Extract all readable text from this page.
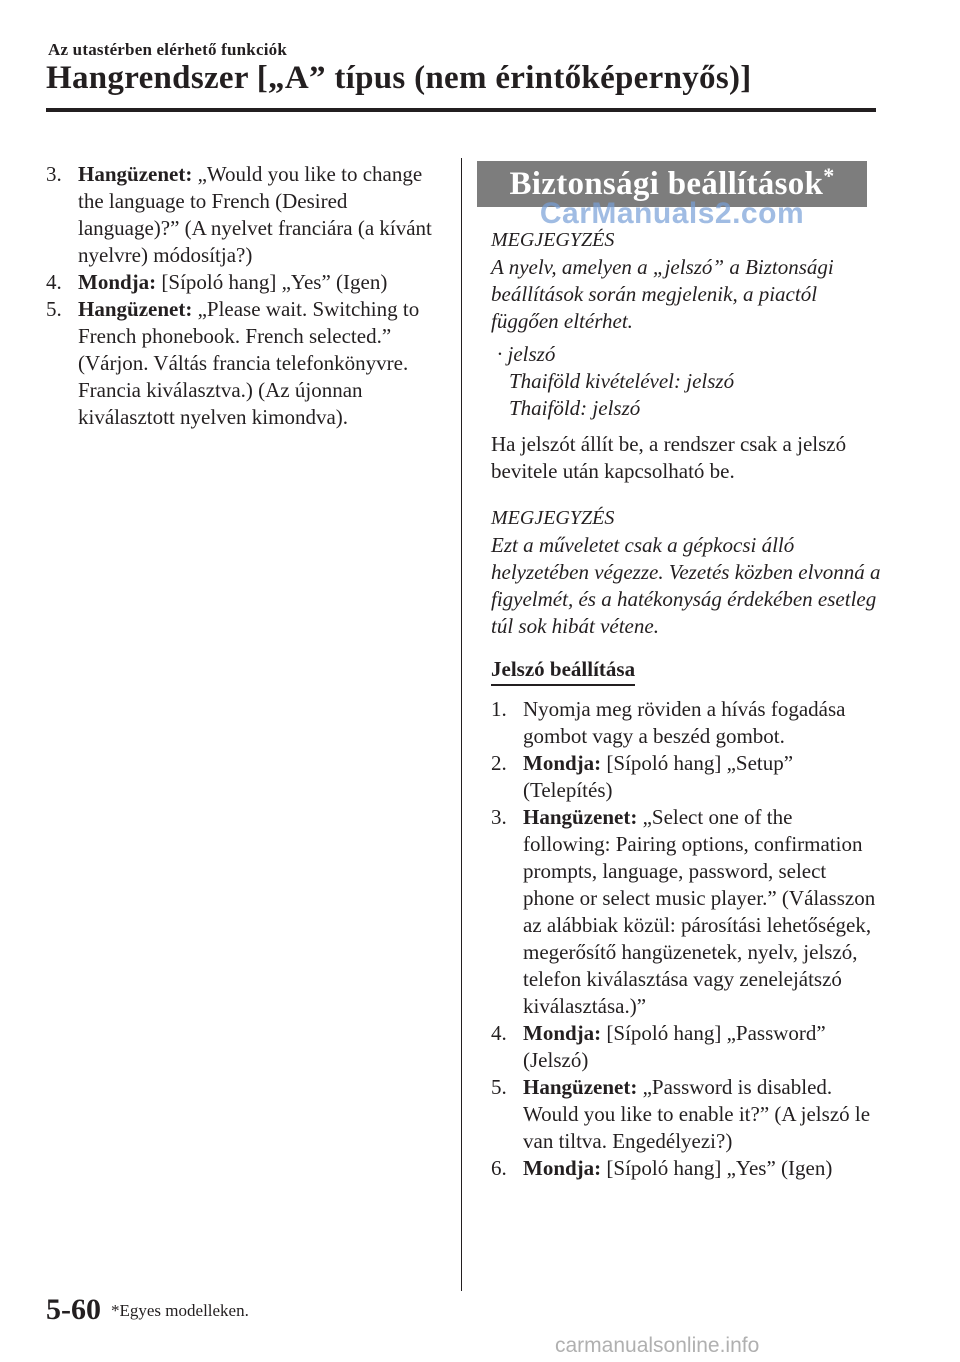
Az utastérben elérhető funkciók
Hangrendszer [„A” típus (nem érintőképernyős)]
3. Hangüzenet: „Would you like to change the language to French (Desired language)?” (A nyelvet franciára (a kívánt nyelvre) módosítja?)
4. Mondja: [Sípoló hang] „Yes” (Igen)
5. Hangüzenet: „Please wait. Switching to French phonebook. French selected.” (Várjon. Váltás francia telefonkönyvre. Francia kiválasztva.) (Az újonnan kiválasztott nyelven kimondva).
Biztonsági beállítások*
CarManuals2.com
MEGJEGYZÉS
A nyelv, amelyen a „jelszó” a Biztonsági beállítások során megjelenik, a piactól függően eltérhet.
· jelszó
Thaiföld kivételével: jelszó
Thaiföld: jelszó
Ha jelszót állít be, a rendszer csak a jelszó bevitele után kapcsolható be.
MEGJEGYZÉS
Ezt a műveletet csak a gépkocsi álló helyzetében végezze. Vezetés közben elvonná a figyelmét, és a hatékonyság érdekében esetleg túl sok hibát vétene.
Jelszó beállítása
1. Nyomja meg röviden a hívás fogadása gombot vagy a beszéd gombot.
2. Mondja: [Sípoló hang] „Setup” (Telepítés)
3. Hangüzenet: „Select one of the following: Pairing options, confirmation prompts, language, password, select phone or select music player.” (Válasszon az alábbiak közül: párosítási lehetőségek, megerősítő hangüzenetek, nyelv, jelszó, telefon kiválasztása vagy zenelejátszó kiválasztása.)”
4. Mondja: [Sípoló hang] „Password” (Jelszó)
5. Hangüzenet: „Password is disabled. Would you like to enable it?” (A jelszó le van tiltva. Engedélyezi?)
6. Mondja: [Sípoló hang] „Yes” (Igen)
5-60 *Egyes modelleken.
carmanualsonline.info
